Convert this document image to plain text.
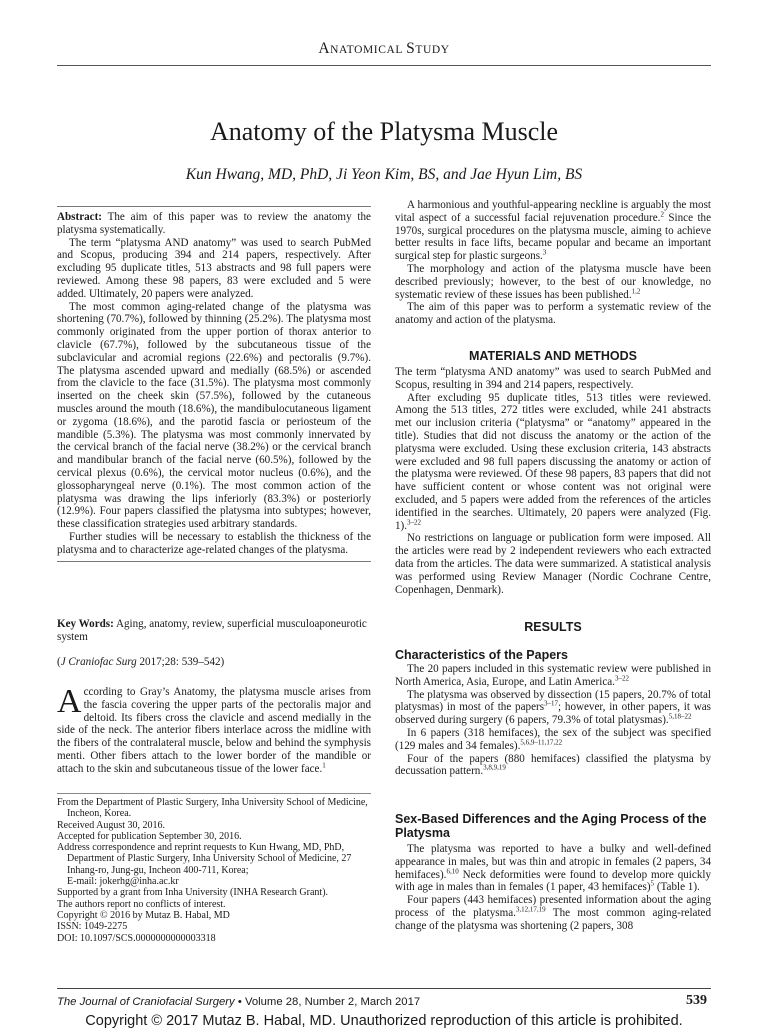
ANATOMICAL STUDY
Anatomy of the Platysma Muscle
Kun Hwang, MD, PhD, Ji Yeon Kim, BS, and Jae Hyun Lim, BS

Abstract: The aim of this paper was to review the anatomy the platysma systematically.

The term “platysma AND anatomy” was used to search PubMed and Scopus, producing 394 and 214 papers, respectively. After excluding 95 duplicate titles, 513 abstracts and 98 full papers were reviewed. Among these 98 papers, 83 were excluded and 5 were added. Ultimately, 20 papers were analyzed.

The most common aging-related change of the platysma was shortening (70.7%), followed by thinning (25.2%). The platysma most commonly originated from the upper portion of thorax anterior to clavicle (67.7%), followed by the subcutaneous tissue of the subclavicular and acromial regions (22.6%) and pectoralis (9.7%). The platysma ascended upward and medially (68.5%) or ascended from the clavicle to the face (31.5%). The platysma most commonly inserted on the cheek skin (57.5%), followed by the cutaneous muscles around the mouth (18.6%), the mandibulocutaneous ligament or zygoma (18.6%), and the parotid fascia or periosteum of the mandible (5.3%). The platysma was most commonly innervated by the cervical branch of the facial nerve (38.2%) or the cervical branch and mandibular branch of the facial nerve (60.5%), followed by the cervical plexus (0.6%), the cervical motor nucleus (0.6%), and the glossopharyngeal nerve (0.1%). The most common action of the platysma was drawing the lips inferiorly (83.3%) or posteriorly (12.9%). Four papers classified the platysma into subtypes; however, these classification strategies used arbitrary standards.

Further studies will be necessary to establish the thickness of the platysma and to characterize age-related changes of the platysma.

Key Words: Aging, anatomy, review, superficial musculoaponeurotic system
(J Craniofac Surg 2017;28: 539–542)
According to Gray’s Anatomy, the platysma muscle arises from the fascia covering the upper parts of the pectoralis major and deltoid. Its fibers cross the clavicle and ascend medially in the side of the neck. The anterior fibers interlace across the midline with the fibers of the contralateral muscle, below and behind the symphysis menti. Other fibers attach to the lower border of the mandible or attach to the skin and subcutaneous tissue of the lower face.$^1$
From the Department of Plastic Surgery, Inha University School of Medicine, Incheon, Korea.
Received August 30, 2016.
Accepted for publication September 30, 2016.
Address correspondence and reprint requests to Kun Hwang, MD, PhD, Department of Plastic Surgery, Inha University School of Medicine, 27 Inhang-ro, Jung-gu, Incheon 400-711, Korea;
E-mail: jokerhg@inha.ac.kr
Supported by a grant from Inha University (INHA Research Grant).
The authors report no conflicts of interest.
Copyright © 2016 by Mutaz B. Habal, MD
ISSN: 1049-2275
DOI: 10.1097/SCS.0000000000003318

A harmonious and youthful-appearing neckline is arguably the most vital aspect of a successful facial rejuvenation procedure.$^2$ Since the 1970s, surgical procedures on the platysma muscle, aiming to achieve better results in face lifts, became popular and became an important surgical step for plastic surgeons.$^3$

The morphology and action of the platysma muscle have been described previously; however, to the best of our knowledge, no systematic review of these issues has been published.$^{1,2}$

The aim of this paper was to perform a systematic review of the anatomy and action of the platysma.

MATERIALS AND METHODS

The term “platysma AND anatomy” was used to search PubMed and Scopus, resulting in 394 and 214 papers, respectively.

After excluding 95 duplicate titles, 513 titles were reviewed. Among the 513 titles, 272 titles were excluded, while 241 abstracts met our inclusion criteria (“platysma” or “anatomy” appeared in the title). Studies that did not discuss the anatomy or the action of the platysma were excluded. Using these exclusion criteria, 143 abstracts were excluded and 98 full papers discussing the anatomy or action of the platysma were reviewed. Of these 98 papers, 83 papers that did not have sufficient content or whose content was not original were excluded, and 5 papers were added from the references of the articles identified in the searches. Ultimately, 20 papers were analyzed (Fig. 1).$^{3-22}$

No restrictions on language or publication form were imposed. All the articles were read by 2 independent reviewers who each extracted data from the articles. The data were summarized. A statistical analysis was performed using Review Manager (Nordic Cochrane Centre, Copenhagen, Denmark).

RESULTS
Characteristics of the Papers

The 20 papers included in this systematic review were published in North America, Asia, Europe, and Latin America.$^{3-22}$

The platysma was observed by dissection (15 papers, 20.7% of total platysmas) in most of the papers$^{3-17}$; however, in other papers, it was observed during surgery (6 papers, 79.3% of total platysmas).$^{5,18-22}$

In 6 papers (318 hemifaces), the sex of the subject was specified (129 males and 34 females).$^{5,6,9-11,17,22}$

Four of the papers (880 hemifaces) classified the platysma by decussation pattern.$^{3,8,9,19}$

Sex-Based Differences and the Aging Process of the Platysma

The platysma was reported to have a bulky and well-defined appearance in males, but was thin and atropic in females (2 papers, 34 hemifaces).$^{6,10}$ Neck deformities were found to develop more quickly with age in males than in females (1 paper, 43 hemifaces)$^5$ (Table 1).

Four papers (443 hemifaces) presented information about the aging process of the platysma.$^{3,12,17,19}$ The most common aging-related change of the platysma was shortening (2 papers, 308

The Journal of Craniofacial Surgery • Volume 28, Number 2, March 2017	539
Copyright © 2017 Mutaz B. Habal, MD. Unauthorized reproduction of this article is prohibited.
